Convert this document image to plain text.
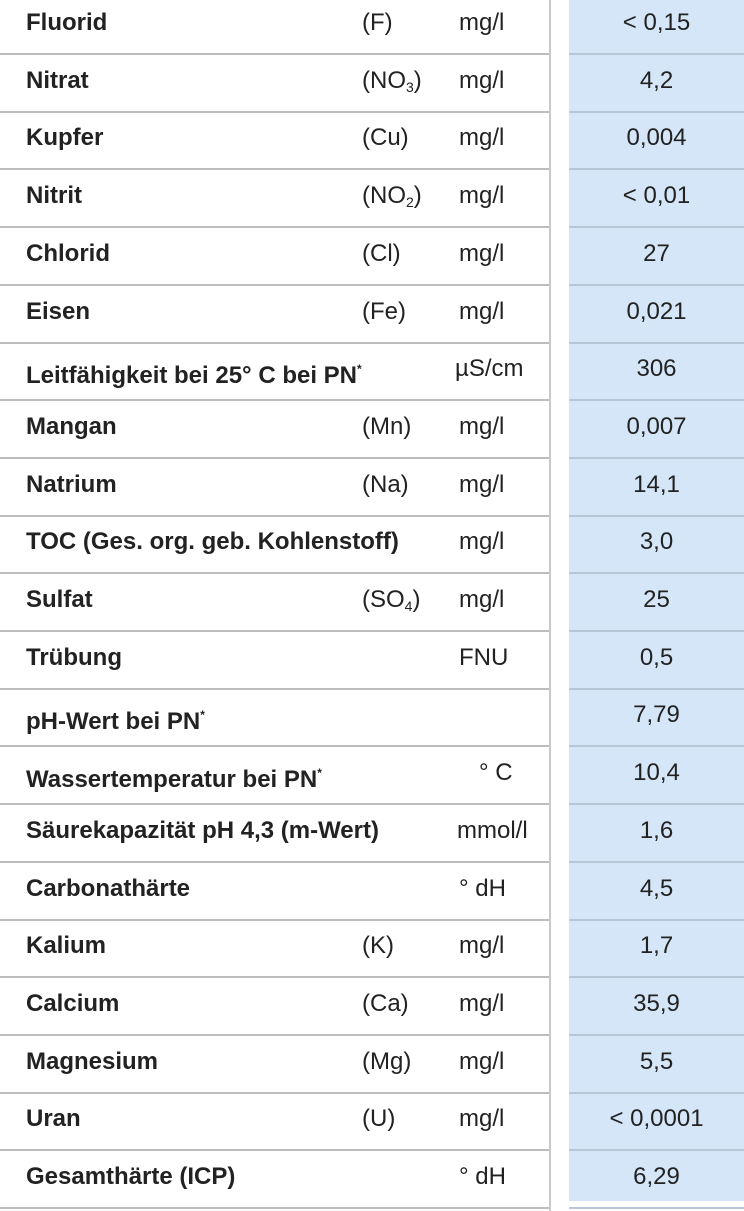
Fluorid	(F)	mg/l	< 0,15
Nitrat	$(NO_3)$ mg/l	4,2
Kupfer	(Cu) mg/l	0,004
Nitrit	$(NO_2)$ mg/l	< 0,01
Chlorid	(Cl) mg/l	27
Eisen	(Fe) mg/l	0,021
Leitfähigkeit bei 25° C bei PN*	µS/cm	306
Mangan	(Mn) mg/l	0,007
Natrium	(Na) mg/l	14,1
TOC (Ges. org. geb. Kohlenstoff)	mg/l	3,0
Sulfat	$(SO_4)$ mg/l	25
Trübung	FNU	0,5
pH-Wert bei PN*	7,79
Wassertemperatur bei PN*	° C	10,4
Säurekapazität pH 4,3 (m-Wert)	mmol/l	1,6
Carbonathärte	° dH	4,5
Kalium	(K)	mg/l	1,7
Calcium	(Ca) mg/l	35,9
Magnesium	(Mg) mg/l	5,5
Uran	(U)	mg/l	< 0,0001
Gesamthärte (ICP)	° dH	6,29
